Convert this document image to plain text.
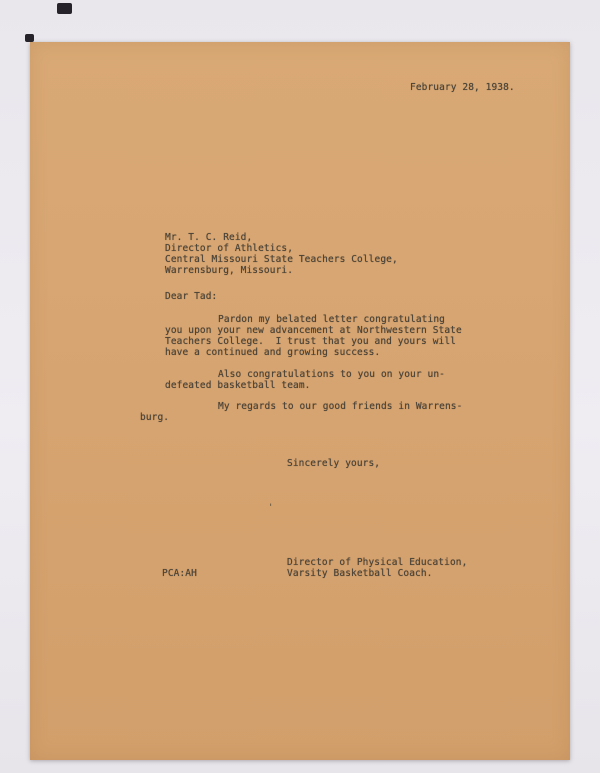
February 28, 1938.
Mr. T. C. Reid,
Director of Athletics,
Central Missouri State Teachers College,
Warrensburg, Missouri.
Dear Tad:
Pardon my belated letter congratulating
you upon your new advancement at Northwestern State
Teachers College.  I trust that you and yours will
have a continued and growing success.
Also congratulations to you on your un-
defeated basketball team.
My regards to our good friends in Warrens-
burg.
Sincerely yours,
'
Director of Physical Education,
Varsity Basketball Coach.
PCA:AH
